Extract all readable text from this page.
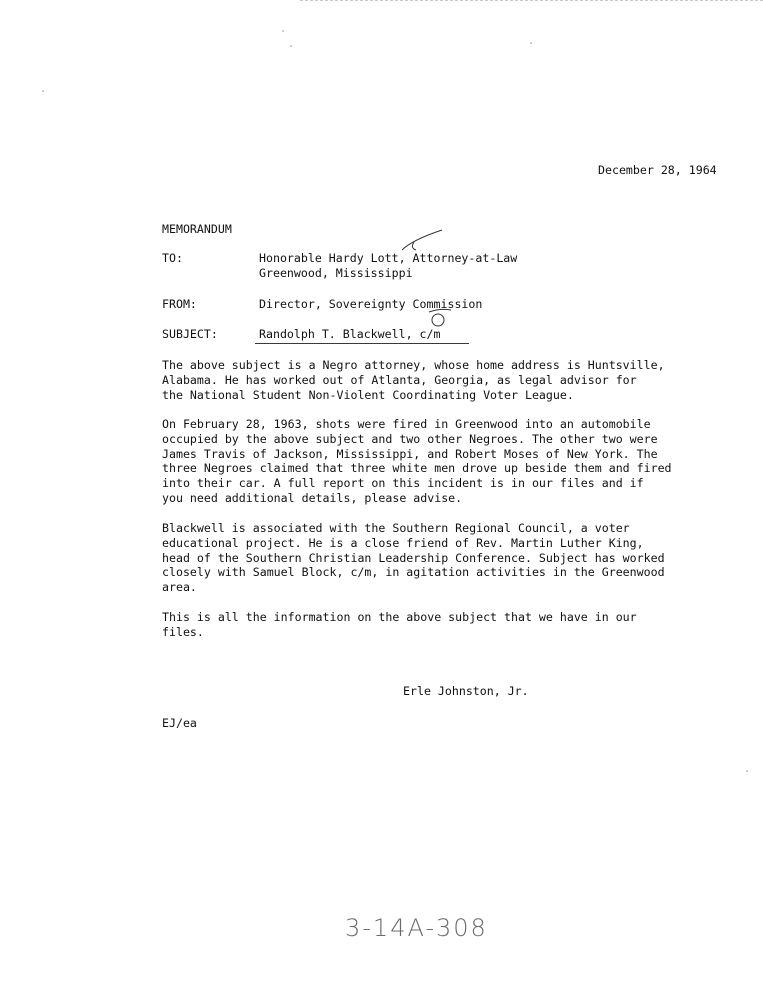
December 28, 1964
MEMORANDUM
TO:	Honorable Hardy Lott, Attorney-at-Law
Greenwood, Mississippi
FROM:	Director, Sovereignty Commission
SUBJECT:	Randolph T. Blackwell, c/m
The above subject is a Negro attorney, whose home address is Huntsville,
Alabama. He has worked out of Atlanta, Georgia, as legal advisor for
the National Student Non-Violent Coordinating Voter League.
On February 28, 1963, shots were fired in Greenwood into an automobile
occupied by the above subject and two other Negroes. The other two were
James Travis of Jackson, Mississippi, and Robert Moses of New York. The
three Negroes claimed that three white men drove up beside them and fired
into their car. A full report on this incident is in our files and if
you need additional details, please advise.
Blackwell is associated with the Southern Regional Council, a voter
educational project. He is a close friend of Rev. Martin Luther King,
head of the Southern Christian Leadership Conference. Subject has worked
closely with Samuel Block, c/m, in agitation activities in the Greenwood
area.
This is all the information on the above subject that we have in our
files.
Erle Johnston, Jr.
EJ/ea
3-14A-308
